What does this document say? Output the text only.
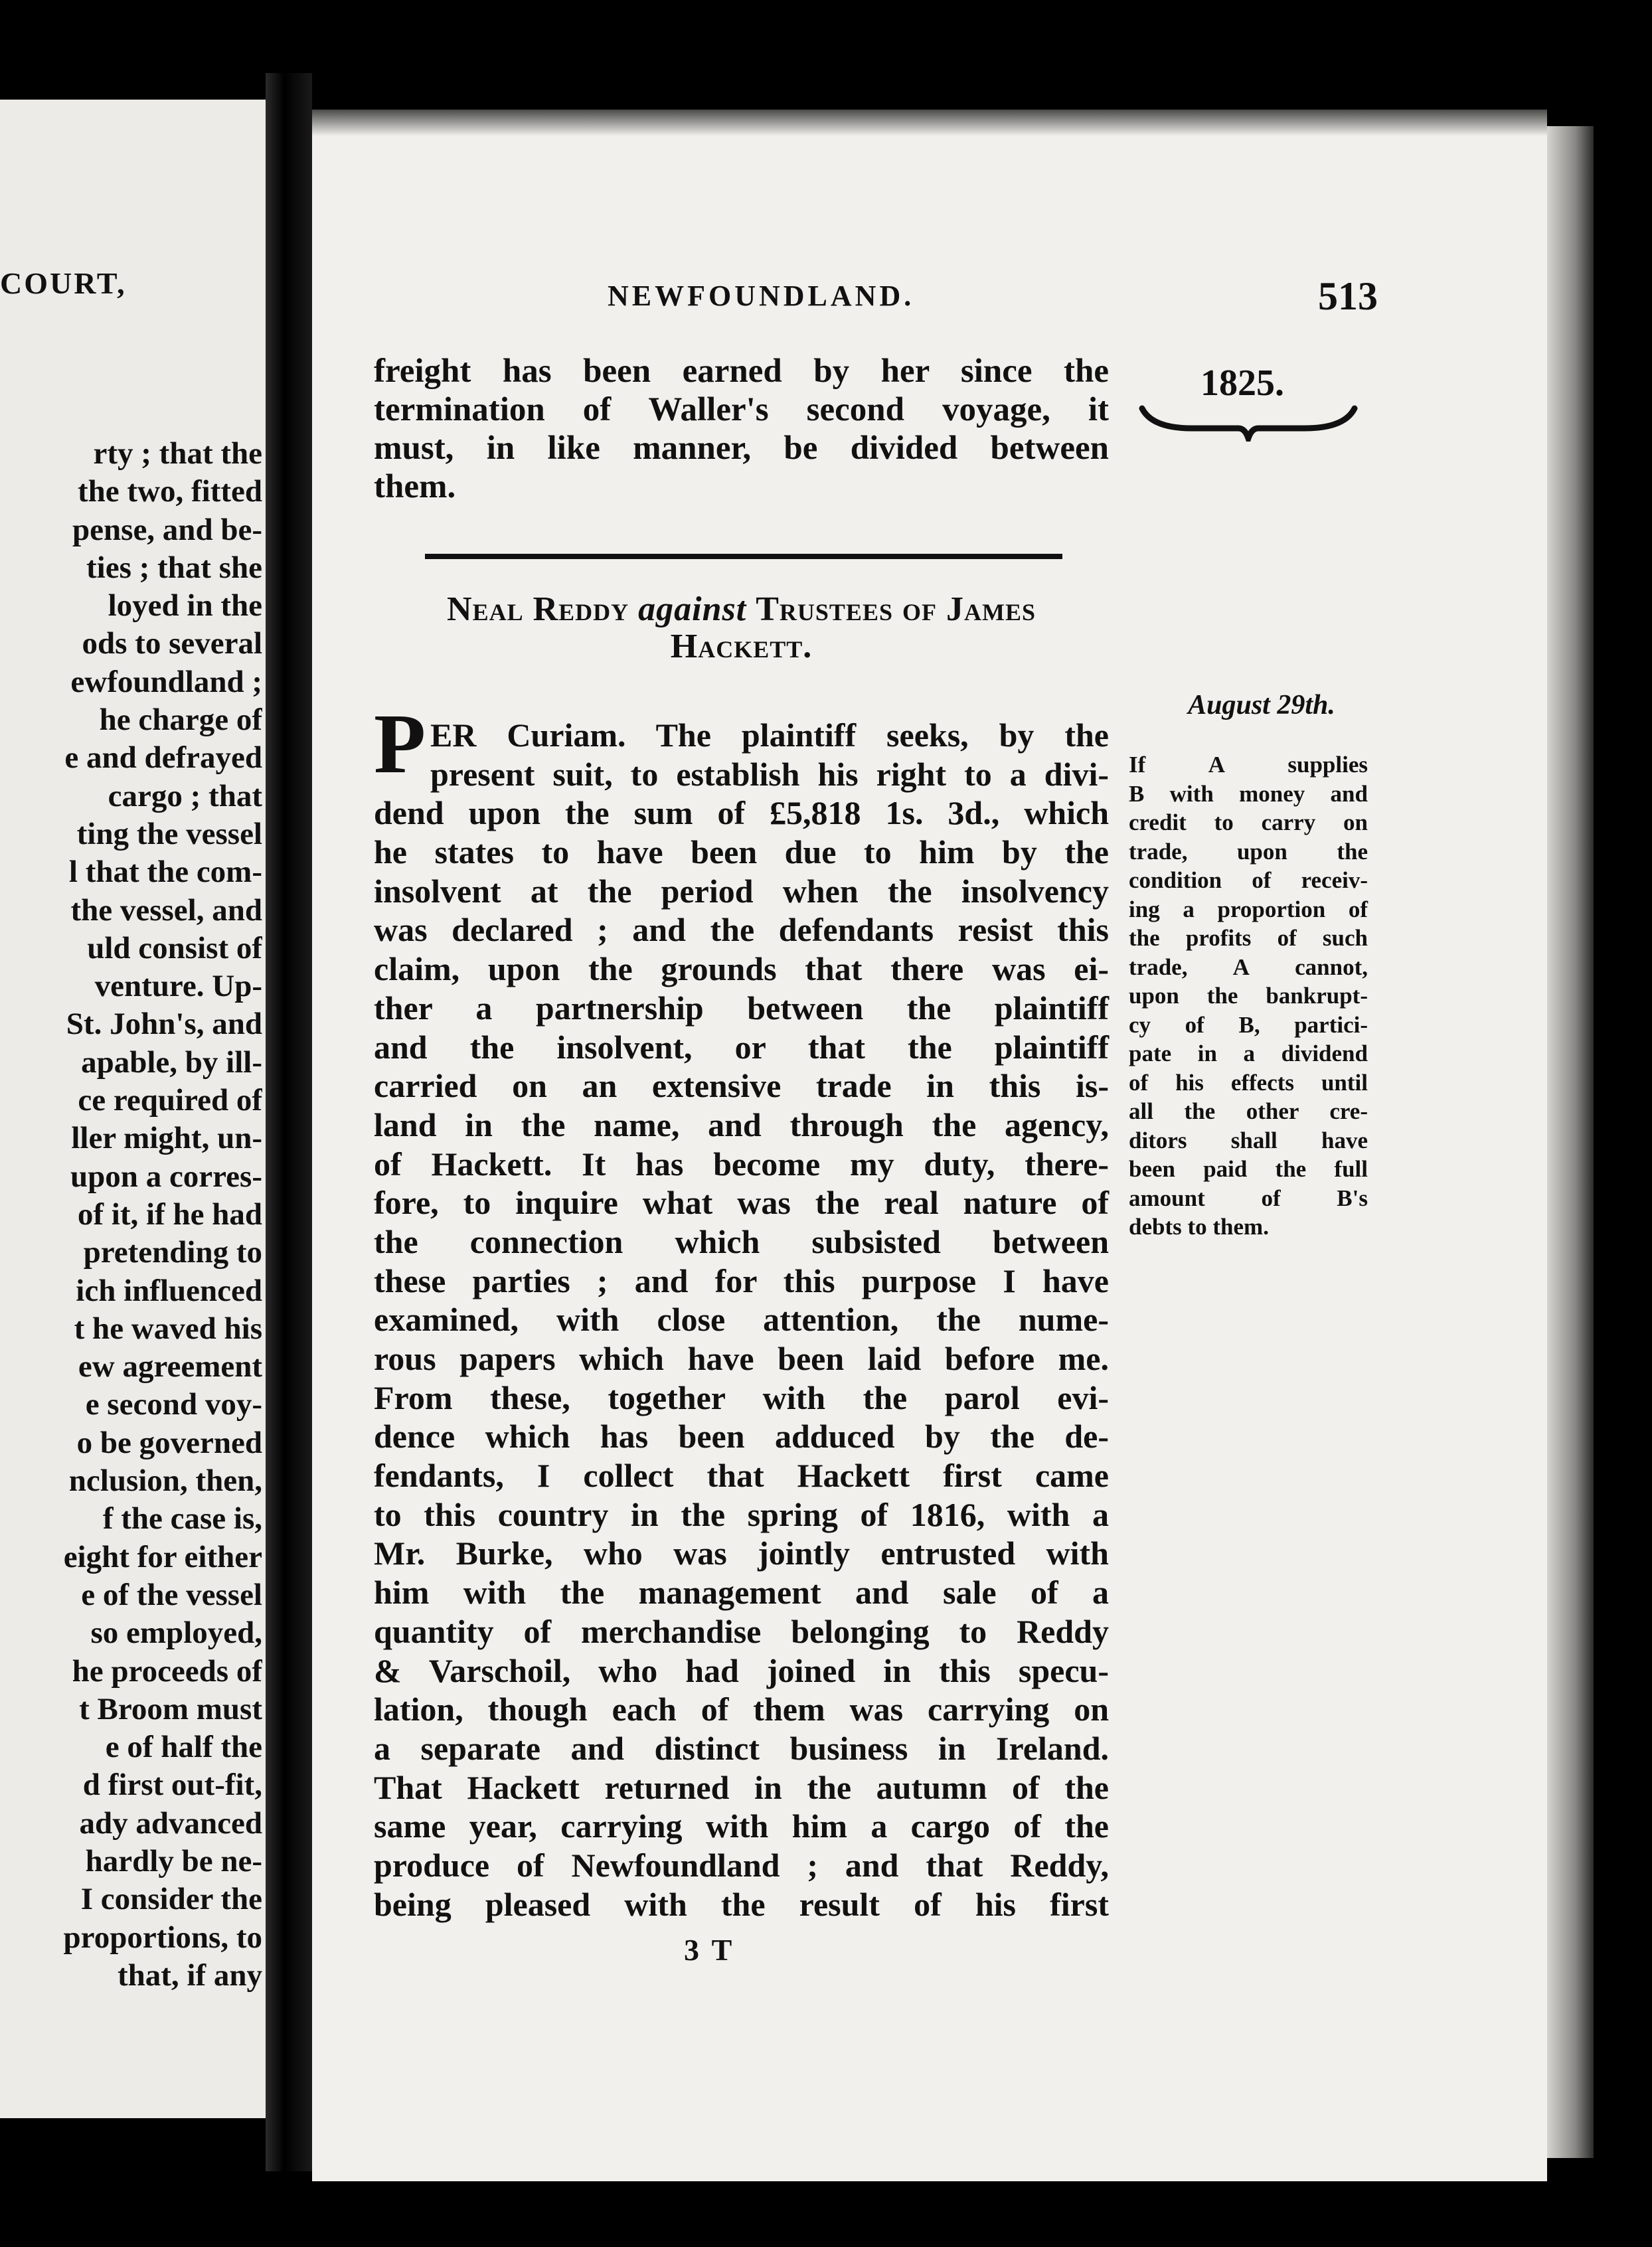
COURT,
rty ; that the
the two, fitted
pense, and be-
ties ; that she
loyed in the
ods to several
ewfoundland ;
he charge of
e and defrayed
cargo ; that
ting the vessel
l that the com-
the vessel, and
uld consist of
venture. Up-
St. John's, and
apable, by ill-
ce required of
ller might, un-
upon a corres-
of it, if he had
pretending to
ich influenced
t he waved his
ew agreement
e second voy-
o be governed
nclusion, then,
f the case is,
eight for either
e of the vessel
so employed,
he proceeds of
t Broom must
e of half the
d first out-fit,
ady advanced
hardly be ne-
I consider the
proportions, to
that, if any
NEWFOUNDLAND.	513
freight has been earned by her since the
termination of Waller's second voyage, it
must, in like manner, be divided between
them.
Neal Reddy against Trustees of James
Hackett.
P ER Curiam. The plaintiff seeks, by the
present suit, to establish his right to a divi-
dend upon the sum of £5,818 1s. 3d., which
he states to have been due to him by the
insolvent at the period when the insolvency
was declared ; and the defendants resist this
claim, upon the grounds that there was ei-
ther a partnership between the plaintiff
and the insolvent, or that the plaintiff
carried on an extensive trade in this is-
land in the name, and through the agency,
of Hackett. It has become my duty, there-
fore, to inquire what was the real nature of
the connection which subsisted between
these parties ; and for this purpose I have
examined, with close attention, the nume-
rous papers which have been laid before me.
From these, together with the parol evi-
dence which has been adduced by the de-
fendants, I collect that Hackett first came
to this country in the spring of 1816, with a
Mr. Burke, who was jointly entrusted with
him with the management and sale of a
quantity of merchandise belonging to Reddy
& Varschoil, who had joined in this specu-
lation, though each of them was carrying on
a separate and distinct business in Ireland.
That Hackett returned in the autumn of the
same year, carrying with him a cargo of the
produce of Newfoundland ; and that Reddy,
being pleased with the result of his first
3 T
1825.
August 29th.
If A supplies
B with money and
credit to carry on
trade, upon the
condition of receiv-
ing a proportion of
the profits of such
trade, A cannot,
upon the bankrupt-
cy of B, partici-
pate in a dividend
of his effects until
all the other cre-
ditors shall have
been paid the full
amount of B's
debts to them.
